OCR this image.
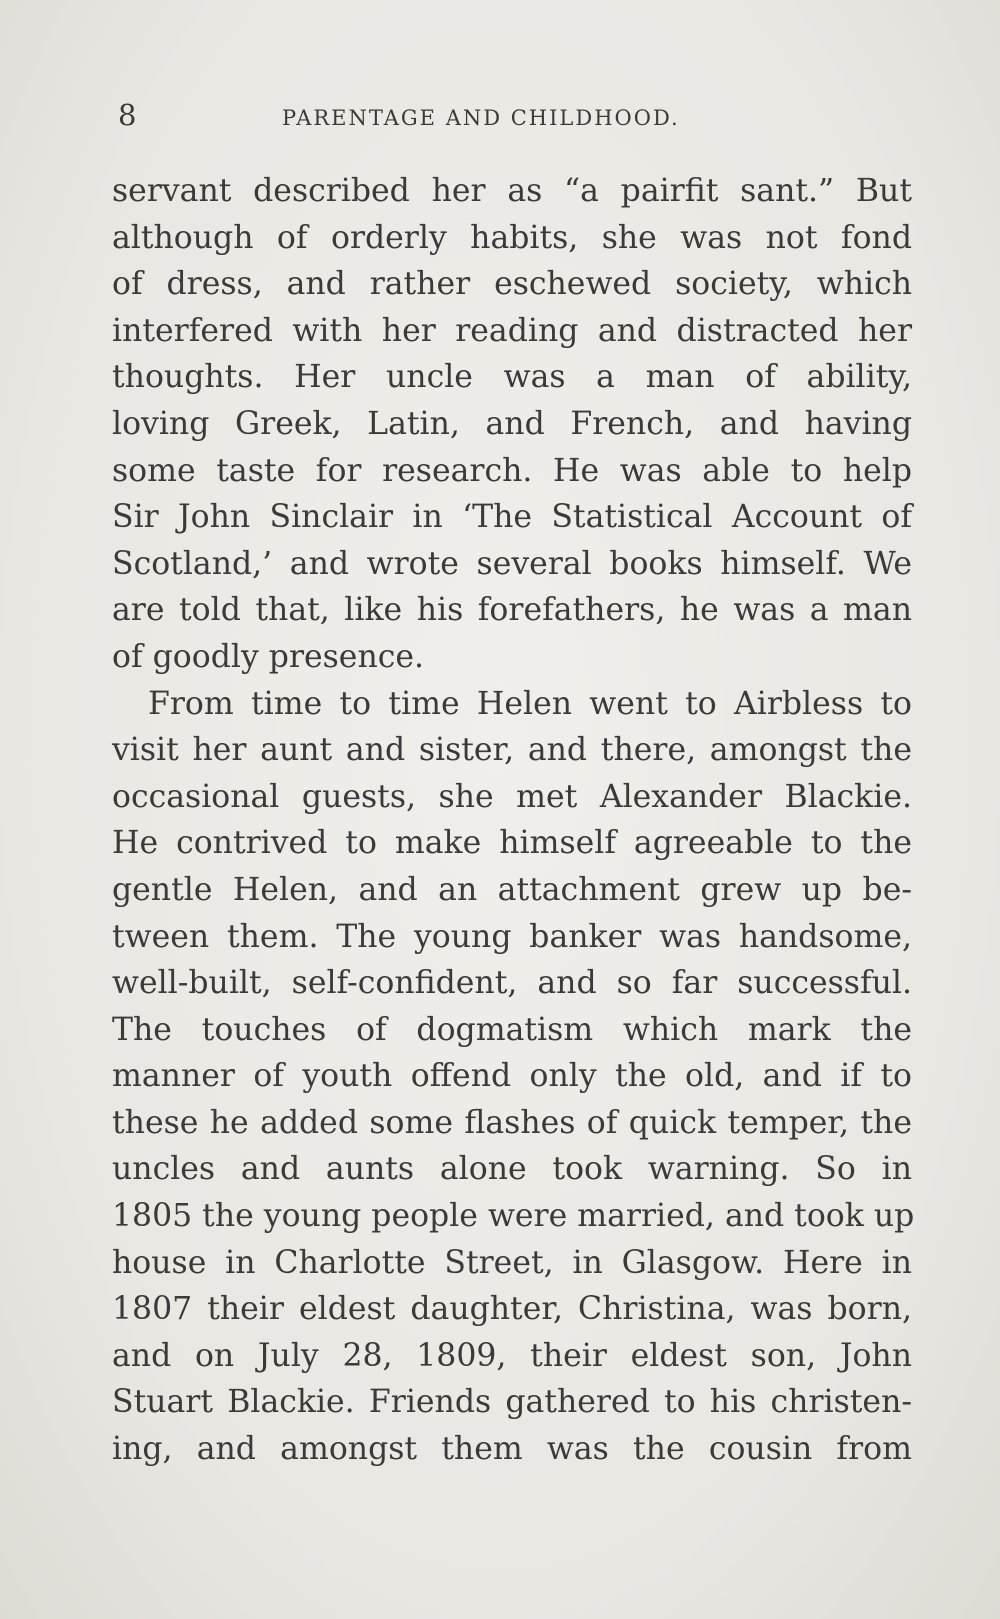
8	PARENTAGE AND CHILDHOOD.
servant described her as “a pairfit sant.” But
although of orderly habits, she was not fond
of dress, and rather eschewed society, which
interfered with her reading and distracted her
thoughts. Her uncle was a man of ability,
loving Greek, Latin, and French, and having
some taste for research. He was able to help
Sir John Sinclair in ‘The Statistical Account of
Scotland,’ and wrote several books himself. We
are told that, like his forefathers, he was a man
of goodly presence.
From time to time Helen went to Airbless to
visit her aunt and sister, and there, amongst the
occasional guests, she met Alexander Blackie.
He contrived to make himself agreeable to the
gentle Helen, and an attachment grew up be-
tween them. The young banker was handsome,
well-built, self-confident, and so far successful.
The touches of dogmatism which mark the
manner of youth offend only the old, and if to
these he added some flashes of quick temper, the
uncles and aunts alone took warning. So in
1805 the young people were married, and took up
house in Charlotte Street, in Glasgow. Here in
1807 their eldest daughter, Christina, was born,
and on July 28, 1809, their eldest son, John
Stuart Blackie. Friends gathered to his christen-
ing, and amongst them was the cousin from
